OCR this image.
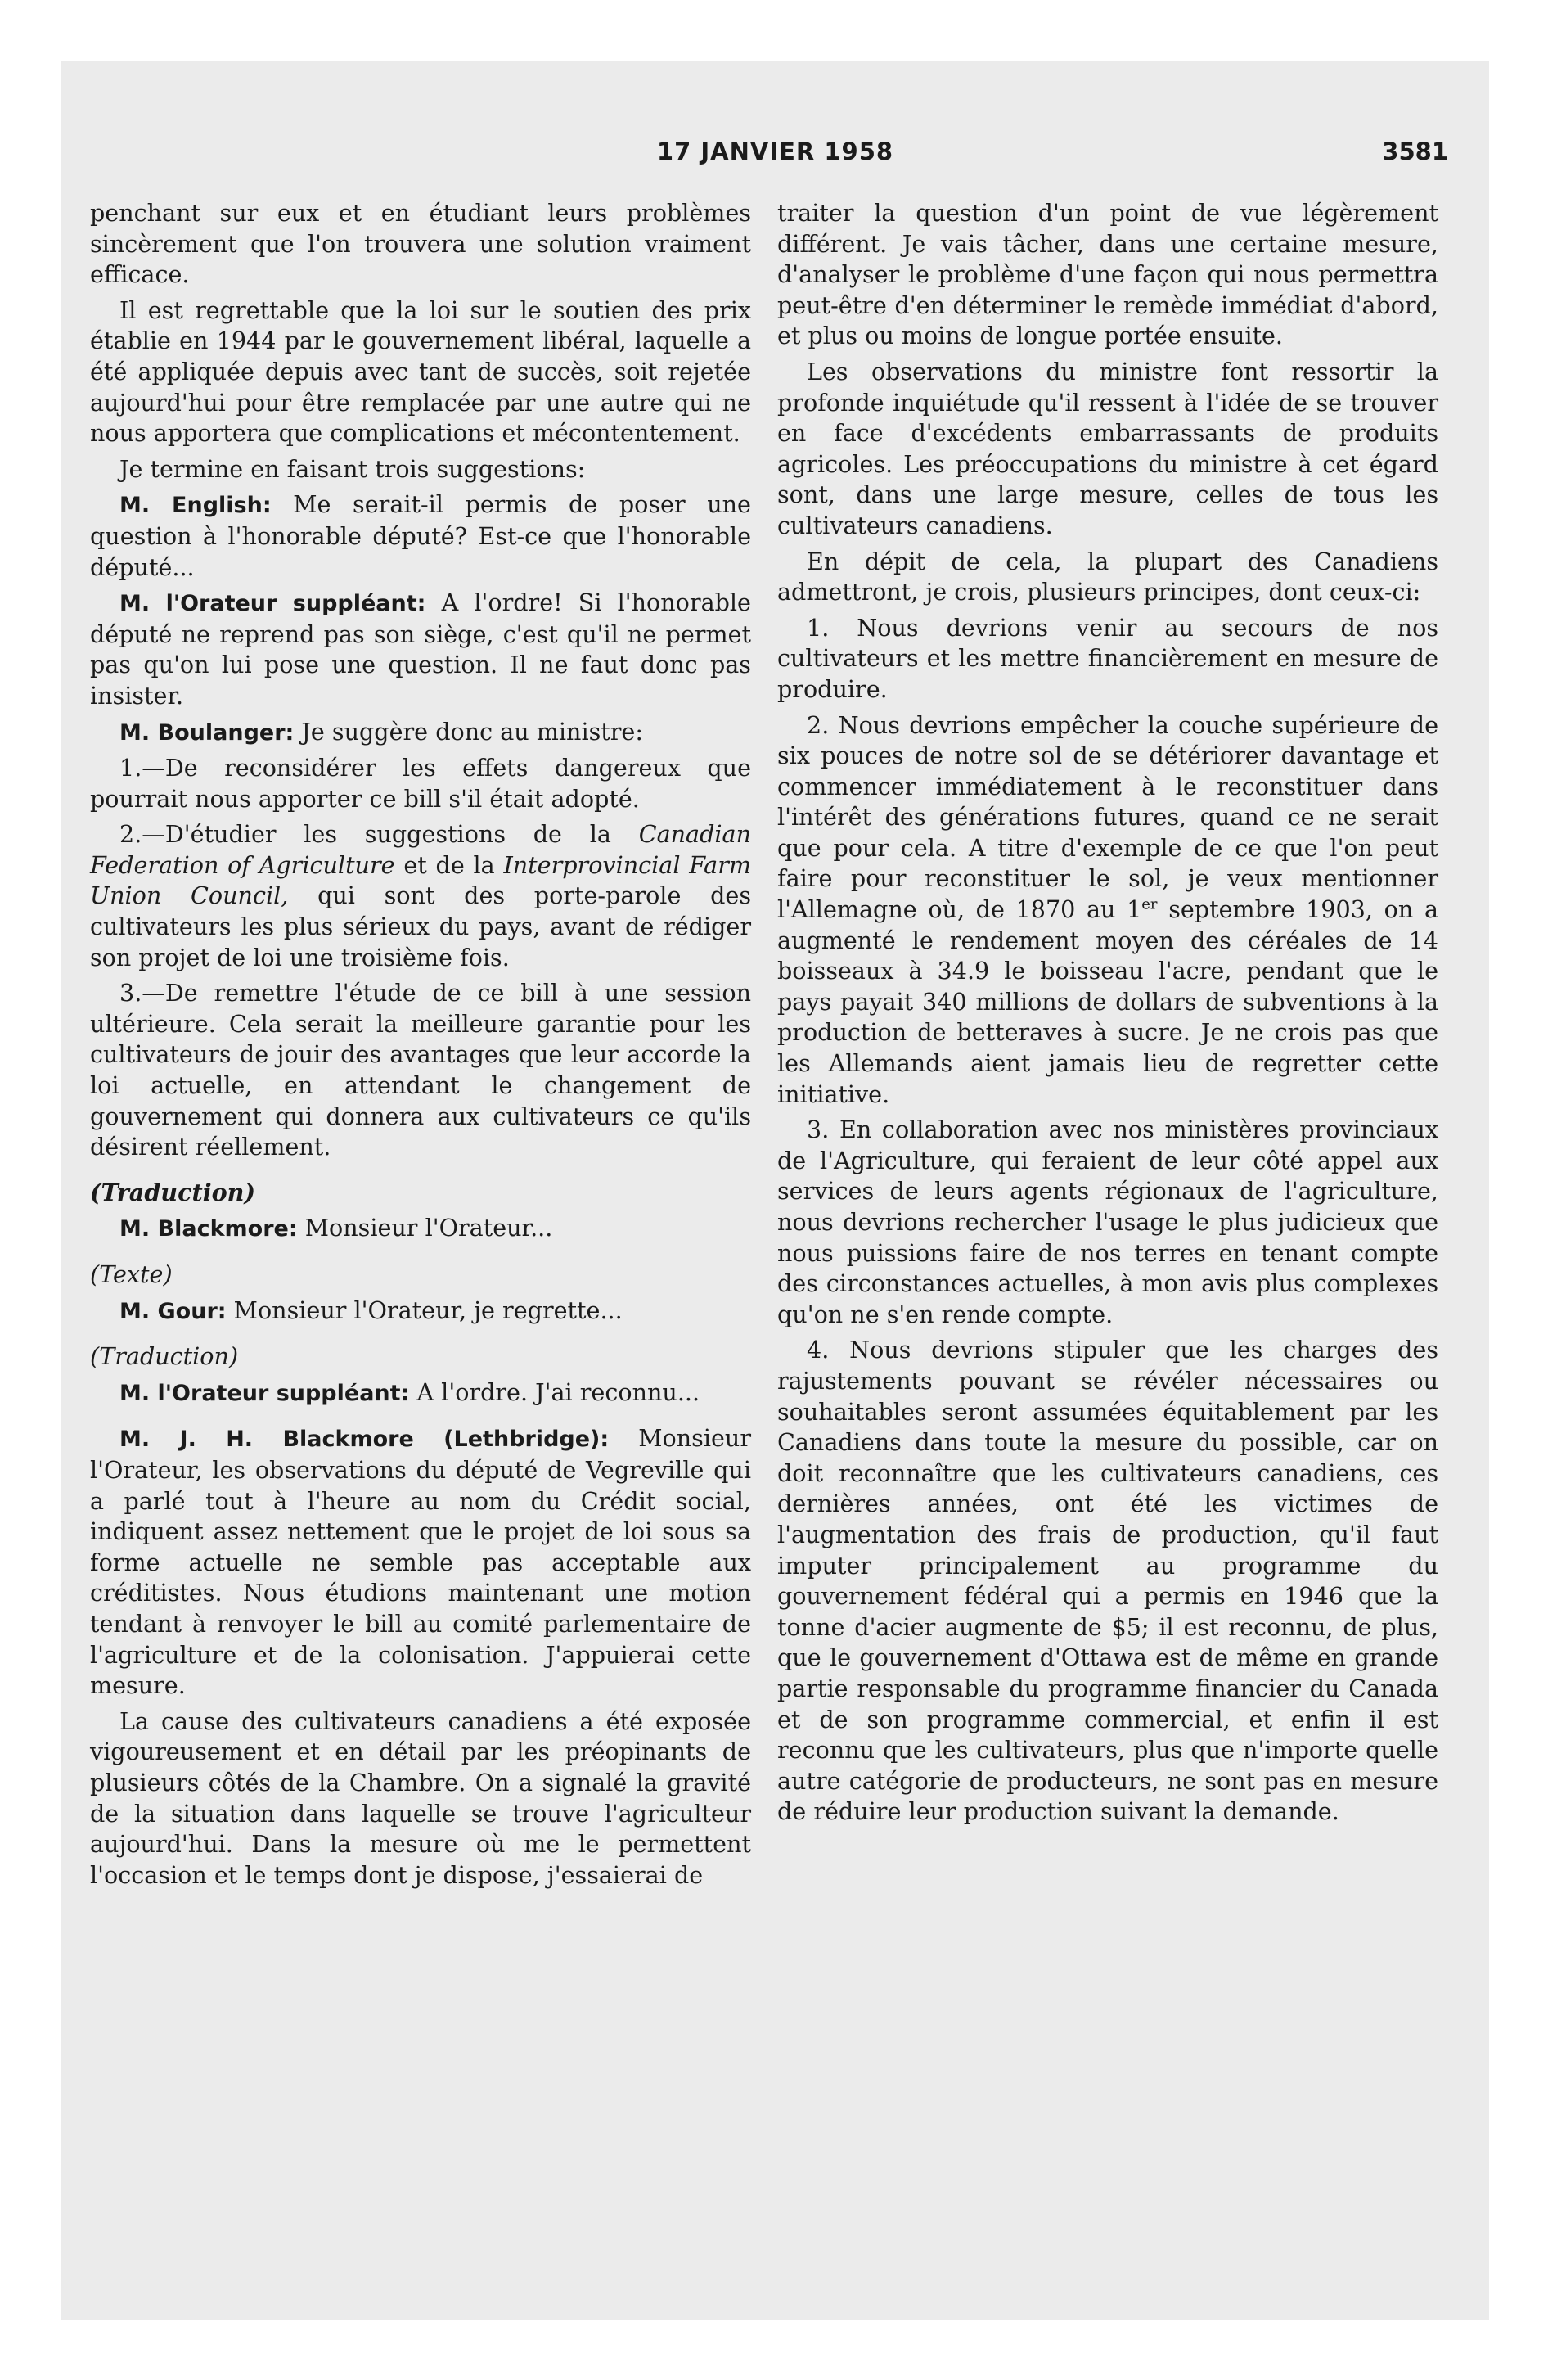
17 JANVIER 1958	3581

penchant sur eux et en étudiant leurs problèmes sincèrement que l'on trouvera une solution vraiment efficace.

Il est regrettable que la loi sur le soutien des prix établie en 1944 par le gouvernement libéral, laquelle a été appliquée depuis avec tant de succès, soit rejetée aujourd'hui pour être remplacée par une autre qui ne nous apportera que complications et mécontentement.

Je termine en faisant trois suggestions:

M. English: Me serait-il permis de poser une question à l'honorable député? Est-ce que l'honorable député...

M. l'Orateur suppléant: A l'ordre! Si l'honorable député ne reprend pas son siège, c'est qu'il ne permet pas qu'on lui pose une question. Il ne faut donc pas insister.

M. Boulanger: Je suggère donc au ministre:

1.—De reconsidérer les effets dangereux que pourrait nous apporter ce bill s'il était adopté.

2.—D'étudier les suggestions de la Canadian Federation of Agriculture et de la Interprovincial Farm Union Council, qui sont des porte-parole des cultivateurs les plus sérieux du pays, avant de rédiger son projet de loi une troisième fois.

3.—De remettre l'étude de ce bill à une session ultérieure. Cela serait la meilleure garantie pour les cultivateurs de jouir des avantages que leur accorde la loi actuelle, en attendant le changement de gouvernement qui donnera aux cultivateurs ce qu'ils désirent réellement.

(Traduction)

M. Blackmore: Monsieur l'Orateur...

(Texte)

M. Gour: Monsieur l'Orateur, je regrette...

(Traduction)

M. l'Orateur suppléant: A l'ordre. J'ai reconnu...

M. J. H. Blackmore (Lethbridge): Monsieur l'Orateur, les observations du député de Vegreville qui a parlé tout à l'heure au nom du Crédit social, indiquent assez nettement que le projet de loi sous sa forme actuelle ne semble pas acceptable aux créditistes. Nous étudions maintenant une motion tendant à renvoyer le bill au comité parlementaire de l'agriculture et de la colonisation. J'appuierai cette mesure.

La cause des cultivateurs canadiens a été exposée vigoureusement et en détail par les préopinants de plusieurs côtés de la Chambre. On a signalé la gravité de la situation dans laquelle se trouve l'agriculteur aujourd'hui. Dans la mesure où me le permettent l'occasion et le temps dont je dispose, j'essaierai de

traiter la question d'un point de vue légèrement différent. Je vais tâcher, dans une certaine mesure, d'analyser le problème d'une façon qui nous permettra peut-être d'en déterminer le remède immédiat d'abord, et plus ou moins de longue portée ensuite.

Les observations du ministre font ressortir la profonde inquiétude qu'il ressent à l'idée de se trouver en face d'excédents embarrassants de produits agricoles. Les préoccupations du ministre à cet égard sont, dans une large mesure, celles de tous les cultivateurs canadiens.

En dépit de cela, la plupart des Canadiens admettront, je crois, plusieurs principes, dont ceux-ci:

1. Nous devrions venir au secours de nos cultivateurs et les mettre financièrement en mesure de produire.

2. Nous devrions empêcher la couche supérieure de six pouces de notre sol de se détériorer davantage et commencer immédiatement à le reconstituer dans l'intérêt des générations futures, quand ce ne serait que pour cela. A titre d'exemple de ce que l'on peut faire pour reconstituer le sol, je veux mentionner l'Allemagne où, de 1870 au 1er septembre 1903, on a augmenté le rendement moyen des céréales de 14 boisseaux à 34.9 le boisseau l'acre, pendant que le pays payait 340 millions de dollars de subventions à la production de betteraves à sucre. Je ne crois pas que les Allemands aient jamais lieu de regretter cette initiative.

3. En collaboration avec nos ministères provinciaux de l'Agriculture, qui feraient de leur côté appel aux services de leurs agents régionaux de l'agriculture, nous devrions rechercher l'usage le plus judicieux que nous puissions faire de nos terres en tenant compte des circonstances actuelles, à mon avis plus complexes qu'on ne s'en rende compte.

4. Nous devrions stipuler que les charges des rajustements pouvant se révéler nécessaires ou souhaitables seront assumées équitablement par les Canadiens dans toute la mesure du possible, car on doit reconnaître que les cultivateurs canadiens, ces dernières années, ont été les victimes de l'augmentation des frais de production, qu'il faut imputer principalement au programme du gouvernement fédéral qui a permis en 1946 que la tonne d'acier augmente de $5; il est reconnu, de plus, que le gouvernement d'Ottawa est de même en grande partie responsable du programme financier du Canada et de son programme commercial, et enfin il est reconnu que les cultivateurs, plus que n'importe quelle autre catégorie de producteurs, ne sont pas en mesure de réduire leur production suivant la demande.
